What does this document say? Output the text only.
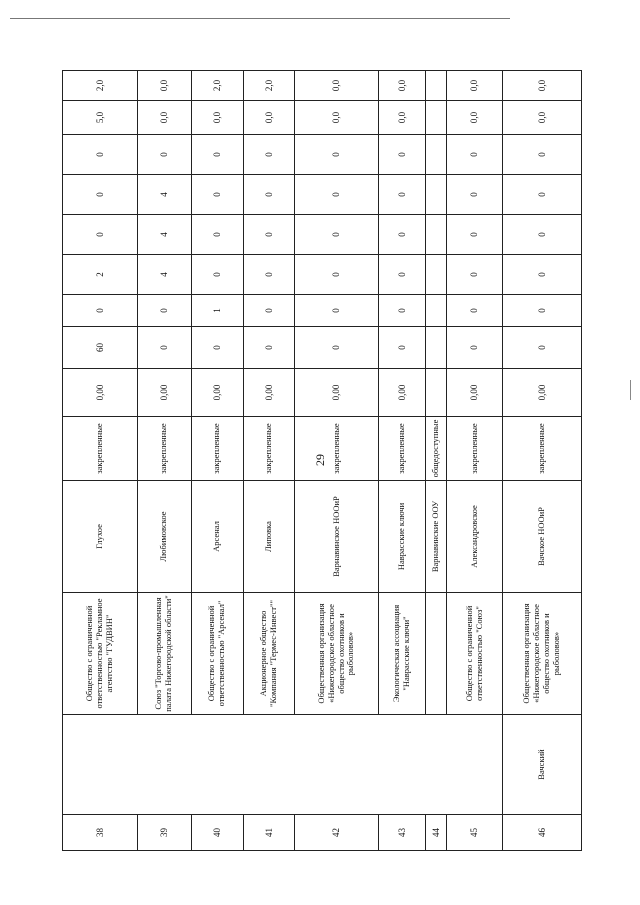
29
38		Общество с ограниченной ответственностью "Рекламное агентство "ГУДВИН"	Глухое	закрепленные	0,00	60	0	2	0	0	0	5,0	2,0
39		Союз "Торгово-промышленная палата Нижегородской области"	Любимовское	закрепленные	0,00	0	0	4	4	4	0	0,0	0,0
40		Общество с ограниченной ответственностью "Арсенал"	Арсенал	закрепленные	0,00	0	1	0	0	0	0	0,0	2,0
41		Акционерное общество "Компания "Термес-Инвест""	Липовка	закрепленные	0,00	0	0	0	0	0	0	0,0	2,0
42		Общественная организация «Нижегородское областное общество охотников и рыболовов»	Варнавинское НООиР	закрепленные	0,00	0	0	0	0	0	0	0,0	0,0
43		Экологическая ассоциация "Наврасские ключи"	Наврасские ключи	закрепленные	0,00	0	0	0	0	0	0	0,0	0,0
44			Варнавинские ООУ	общедоступные									
45		Общество с ограниченной ответственностью "Союз"	Александровское	закрепленные	0,00	0	0	0	0	0	0	0,0	0,0
46	Вачский	Общественная организация «Нижегородское областное общество охотников и рыболовов»	Вачское НООиР	закрепленные	0,00	0	0	0	0	0	0	0,0	0,0
